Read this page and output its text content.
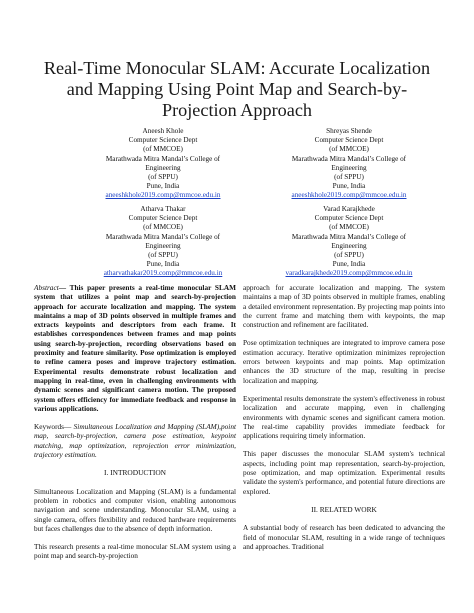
Real-Time Monocular SLAM: Accurate Localization and Mapping Using Point Map and Search-by-Projection Approach
Aneesh Khole
Computer Science Dept
(of MMCOE)
Marathwada Mitra Mandal’s College of
Engineering
(of SPPU)
Pune, India
aneeshkhole2019.comp@mmcoe.edu.in
Shreyas Shende
Computer Science Dept
(of MMCOE)
Marathwada Mitra Mandal’s College of
Engineering
(of SPPU)
Pune, India
aneeshkhole2019.comp@mmcoe.edu.in
Atharva Thakar
Computer Science Dept
(of MMCOE)
Marathwada Mitra Mandal’s College of
Engineering
(of SPPU)
Pune, India
atharvathakar2019.comp@mmcoe.edu.in
Varad Karajkhede
Computer Science Dept
(of MMCOE)
Marathwada Mitra Mandal’s College of
Engineering
(of SPPU)
Pune, India
varadkarajkhede2019.comp@mmcoe.edu.in

Abstract— This paper presents a real-time monocular SLAM system that utilizes a point map and search-by-projection approach for accurate localization and mapping. The system maintains a map of 3D points observed in multiple frames and extracts keypoints and descriptors from each frame. It establishes correspondences between frames and map points using search-by-projection, recording observations based on proximity and feature similarity. Pose optimization is employed to refine camera poses and improve trajectory estimation. Experimental results demonstrate robust localization and mapping in real-time, even in challenging environments with dynamic scenes and significant camera motion. The proposed system offers efficiency for immediate feedback and response in various applications.

Keywords— Simultaneous Localization and Mapping (SLAM),point map, search-by-projection, camera pose estimation, keypoint matching, map optimization, reprojection error minimization, trajectory estimation.

I. INTRODUCTION

Simultaneous Localization and Mapping (SLAM) is a fundamental problem in robotics and computer vision, enabling autonomous navigation and scene understanding. Monocular SLAM, using a single camera, offers flexibility and reduced hardware requirements but faces challenges due to the absence of depth information.

This research presents a real-time monocular SLAM system using a point map and search-by-projection

approach for accurate localization and mapping. The system maintains a map of 3D points observed in multiple frames, enabling a detailed environment representation. By projecting map points into the current frame and matching them with keypoints, the map construction and refinement are facilitated.

Pose optimization techniques are integrated to improve camera pose estimation accuracy. Iterative optimization minimizes reprojection errors between keypoints and map points. Map optimization enhances the 3D structure of the map, resulting in precise localization and mapping.

Experimental results demonstrate the system's effectiveness in robust localization and accurate mapping, even in challenging environments with dynamic scenes and significant camera motion. The real-time capability provides immediate feedback for applications requiring timely information.

This paper discusses the monocular SLAM system's technical aspects, including point map representation, search-by-projection, pose optimization, and map optimization. Experimental results validate the system's performance, and potential future directions are explored.

II. RELATED WORK

A substantial body of research has been dedicated to advancing the field of monocular SLAM, resulting in a wide range of techniques and approaches. Traditional
